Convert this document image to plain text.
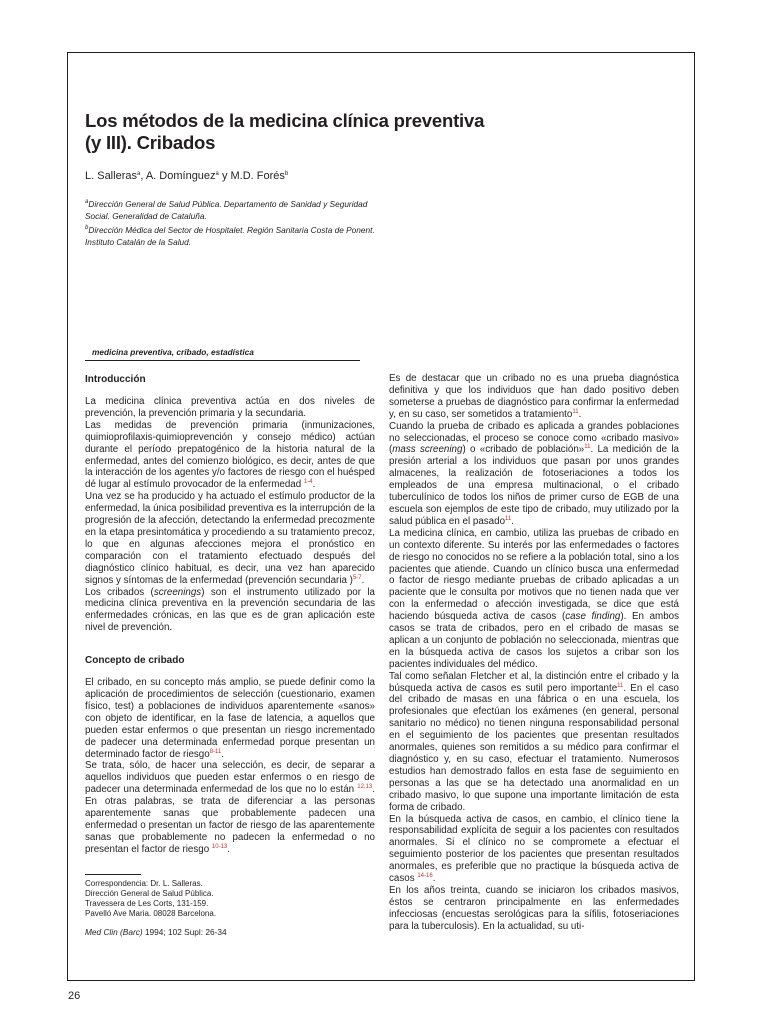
Los métodos de la medicina clínica preventiva (y III). Cribados
L. Salleras$^a$, A. Domínguez$^a$ y M.D. Forés$^b$

$^a$Dirección General de Salud Pública. Departamento de Sanidad y Seguridad Social. Generalidad de Cataluña.

$^b$Dirección Médica del Sector de Hospitalet. Región Sanitaria Costa de Ponent. Instituto Catalán de la Salud.

medicina preventiva, cribado, estadística
Introducción

La medicina clínica preventiva actúa en dos niveles de prevención, la prevención primaria y la secundaria.

Las medidas de prevención primaria (inmunizaciones, quimioprofilaxis-quimioprevención y consejo médico) actúan durante el período prepatogénico de la historia natural de la enfermedad, antes del comienzo biológico, es decir, antes de que la interacción de los agentes y/o factores de riesgo con el huésped dé lugar al estímulo provocador de la enfermedad $^{1-4}$.

Una vez se ha producido y ha actuado el estímulo productor de la enfermedad, la única posibilidad preventiva es la interrupción de la progresión de la afección, detectando la enfermedad precozmente en la etapa presintomática y procediendo a su tratamiento precoz, lo que en algunas afecciones mejora el pronóstico en comparación con el tratamiento efectuado después del diagnóstico clínico habitual, es decir, una vez han aparecido signos y síntomas de la enfermedad (prevención secundaria )$^{5-7}$.

Los cribados (screenings) son el instrumento utilizado por la medicina clínica preventiva en la prevención secundaria de las enfermedades crónicas, en las que es de gran aplicación este nivel de prevención.

Concepto de cribado

El cribado, en su concepto más amplio, se puede definir como la aplicación de procedimientos de selección (cuestionario, examen físico, test) a poblaciones de individuos aparentemente «sanos» con objeto de identificar, en la fase de latencia, a aquellos que pueden estar enfermos o que presentan un riesgo incrementado de padecer una determinada enfermedad porque presentan un determinado factor de riesgo$^{8-11}$.

Se trata, sólo, de hacer una selección, es decir, de separar a aquellos individuos que pueden estar enfermos o en riesgo de padecer una determinada enfermedad de los que no lo están $^{12,13}$. En otras palabras, se trata de diferenciar a las personas aparentemente sanas que probablemente padecen una enfermedad o presentan un factor de riesgo de las aparentemente sanas que probablemente no padecen la enfermedad o no presentan el factor de riesgo $^{10-13}$.

Correspondencia: Dr. L. Salleras.

Dirección General de Salud Pública.

Travessera de Les Corts, 131-159.

Pavelló Ave Maria. 08028 Barcelona.

Med Clin (Barc) 1994; 102 Supl: 26-34

Es de destacar que un cribado no es una prueba diagnóstica definitiva y que los individuos que han dado positivo deben someterse a pruebas de diagnóstico para confirmar la enfermedad y, en su caso, ser sometidos a tratamiento$^{11}$.

Cuando la prueba de cribado es aplicada a grandes poblaciones no seleccionadas, el proceso se conoce como «cribado masivo» (mass screening) o «cribado de población»$^{11}$. La medición de la presión arterial a los individuos que pasan por unos grandes almacenes, la realización de fotoseriaciones a todos los empleados de una empresa multinacional, o el cribado tuberculínico de todos los niños de primer curso de EGB de una escuela son ejemplos de este tipo de cribado, muy utilizado por la salud pública en el pasado$^{11}$.

La medicina clínica, en cambio, utiliza las pruebas de cribado en un contexto diferente. Su interés por las enfermedades o factores de riesgo no conocidos no se refiere a la población total, sino a los pacientes que atiende. Cuando un clínico busca una enfermedad o factor de riesgo mediante pruebas de cribado aplicadas a un paciente que le consulta por motivos que no tienen nada que ver con la enfermedad o afección investigada, se dice que está haciendo búsqueda activa de casos (case finding). En ambos casos se trata de cribados, pero en el cribado de masas se aplican a un conjunto de población no seleccionada, mientras que en la búsqueda activa de casos los sujetos a cribar son los pacientes individuales del médico.

Tal como señalan Fletcher et al, la distinción entre el cribado y la búsqueda activa de casos es sutil pero importante$^{11}$. En el caso del cribado de masas en una fábrica o en una escuela, los profesionales que efectúan los exámenes (en general, personal sanitario no médico) no tienen ninguna responsabilidad personal en el seguimiento de los pacientes que presentan resultados anormales, quienes son remitidos a su médico para confirmar el diagnóstico y, en su caso, efectuar el tratamiento. Numerosos estudios han demostrado fallos en esta fase de seguimiento en personas a las que se ha detectado una anormalidad en un cribado masivo, lo que supone una importante limitación de esta forma de cribado.

En la búsqueda activa de casos, en cambio, el clínico tiene la responsabilidad explícita de seguir a los pacientes con resultados anormales. Si el clínico no se compromete a efectuar el seguimiento posterior de los pacientes que presentan resultados anormales, es preferible que no practique la búsqueda activa de casos $^{14-16}$.

En los años treinta, cuando se iniciaron los cribados masivos, éstos se centraron principalmente en las enfermedades infecciosas (encuestas serológicas para la sífilis, fotoseriaciones para la tuberculosis). En la actualidad, su uti-

26
